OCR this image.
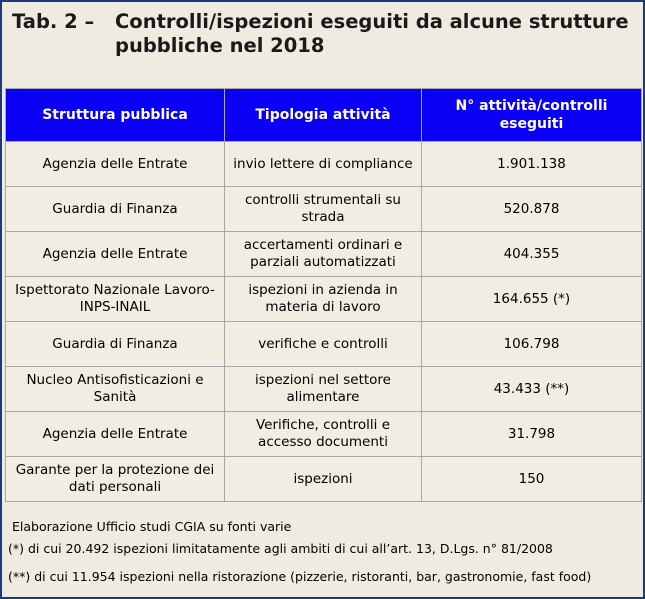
Tab. 2 – Controlli/ispezioni eseguiti da alcune strutture
pubbliche nel 2018
Struttura pubblica	Tipologia attività	N° attività/controlli eseguiti
Agenzia delle Entrate	invio lettere di compliance	1.901.138
Guardia di Finanza	controlli strumentali su strada	520.878
Agenzia delle Entrate	accertamenti ordinari e parziali automatizzati	404.355
Ispettorato Nazionale Lavoro-INPS-INAIL	ispezioni in azienda in materia di lavoro	164.655 (*)
Guardia di Finanza	verifiche e controlli	106.798
Nucleo Antisofisticazioni e Sanità	ispezioni nel settore alimentare	43.433 (**)
Agenzia delle Entrate	Verifiche, controlli e accesso documenti	31.798
Garante per la protezione dei dati personali	ispezioni	150
Elaborazione Ufficio studi CGIA su fonti varie
(*) di cui 20.492 ispezioni limitatamente agli ambiti di cui all’art. 13, D.Lgs. n° 81/2008
(**) di cui 11.954 ispezioni nella ristorazione (pizzerie, ristoranti, bar, gastronomie, fast food)
